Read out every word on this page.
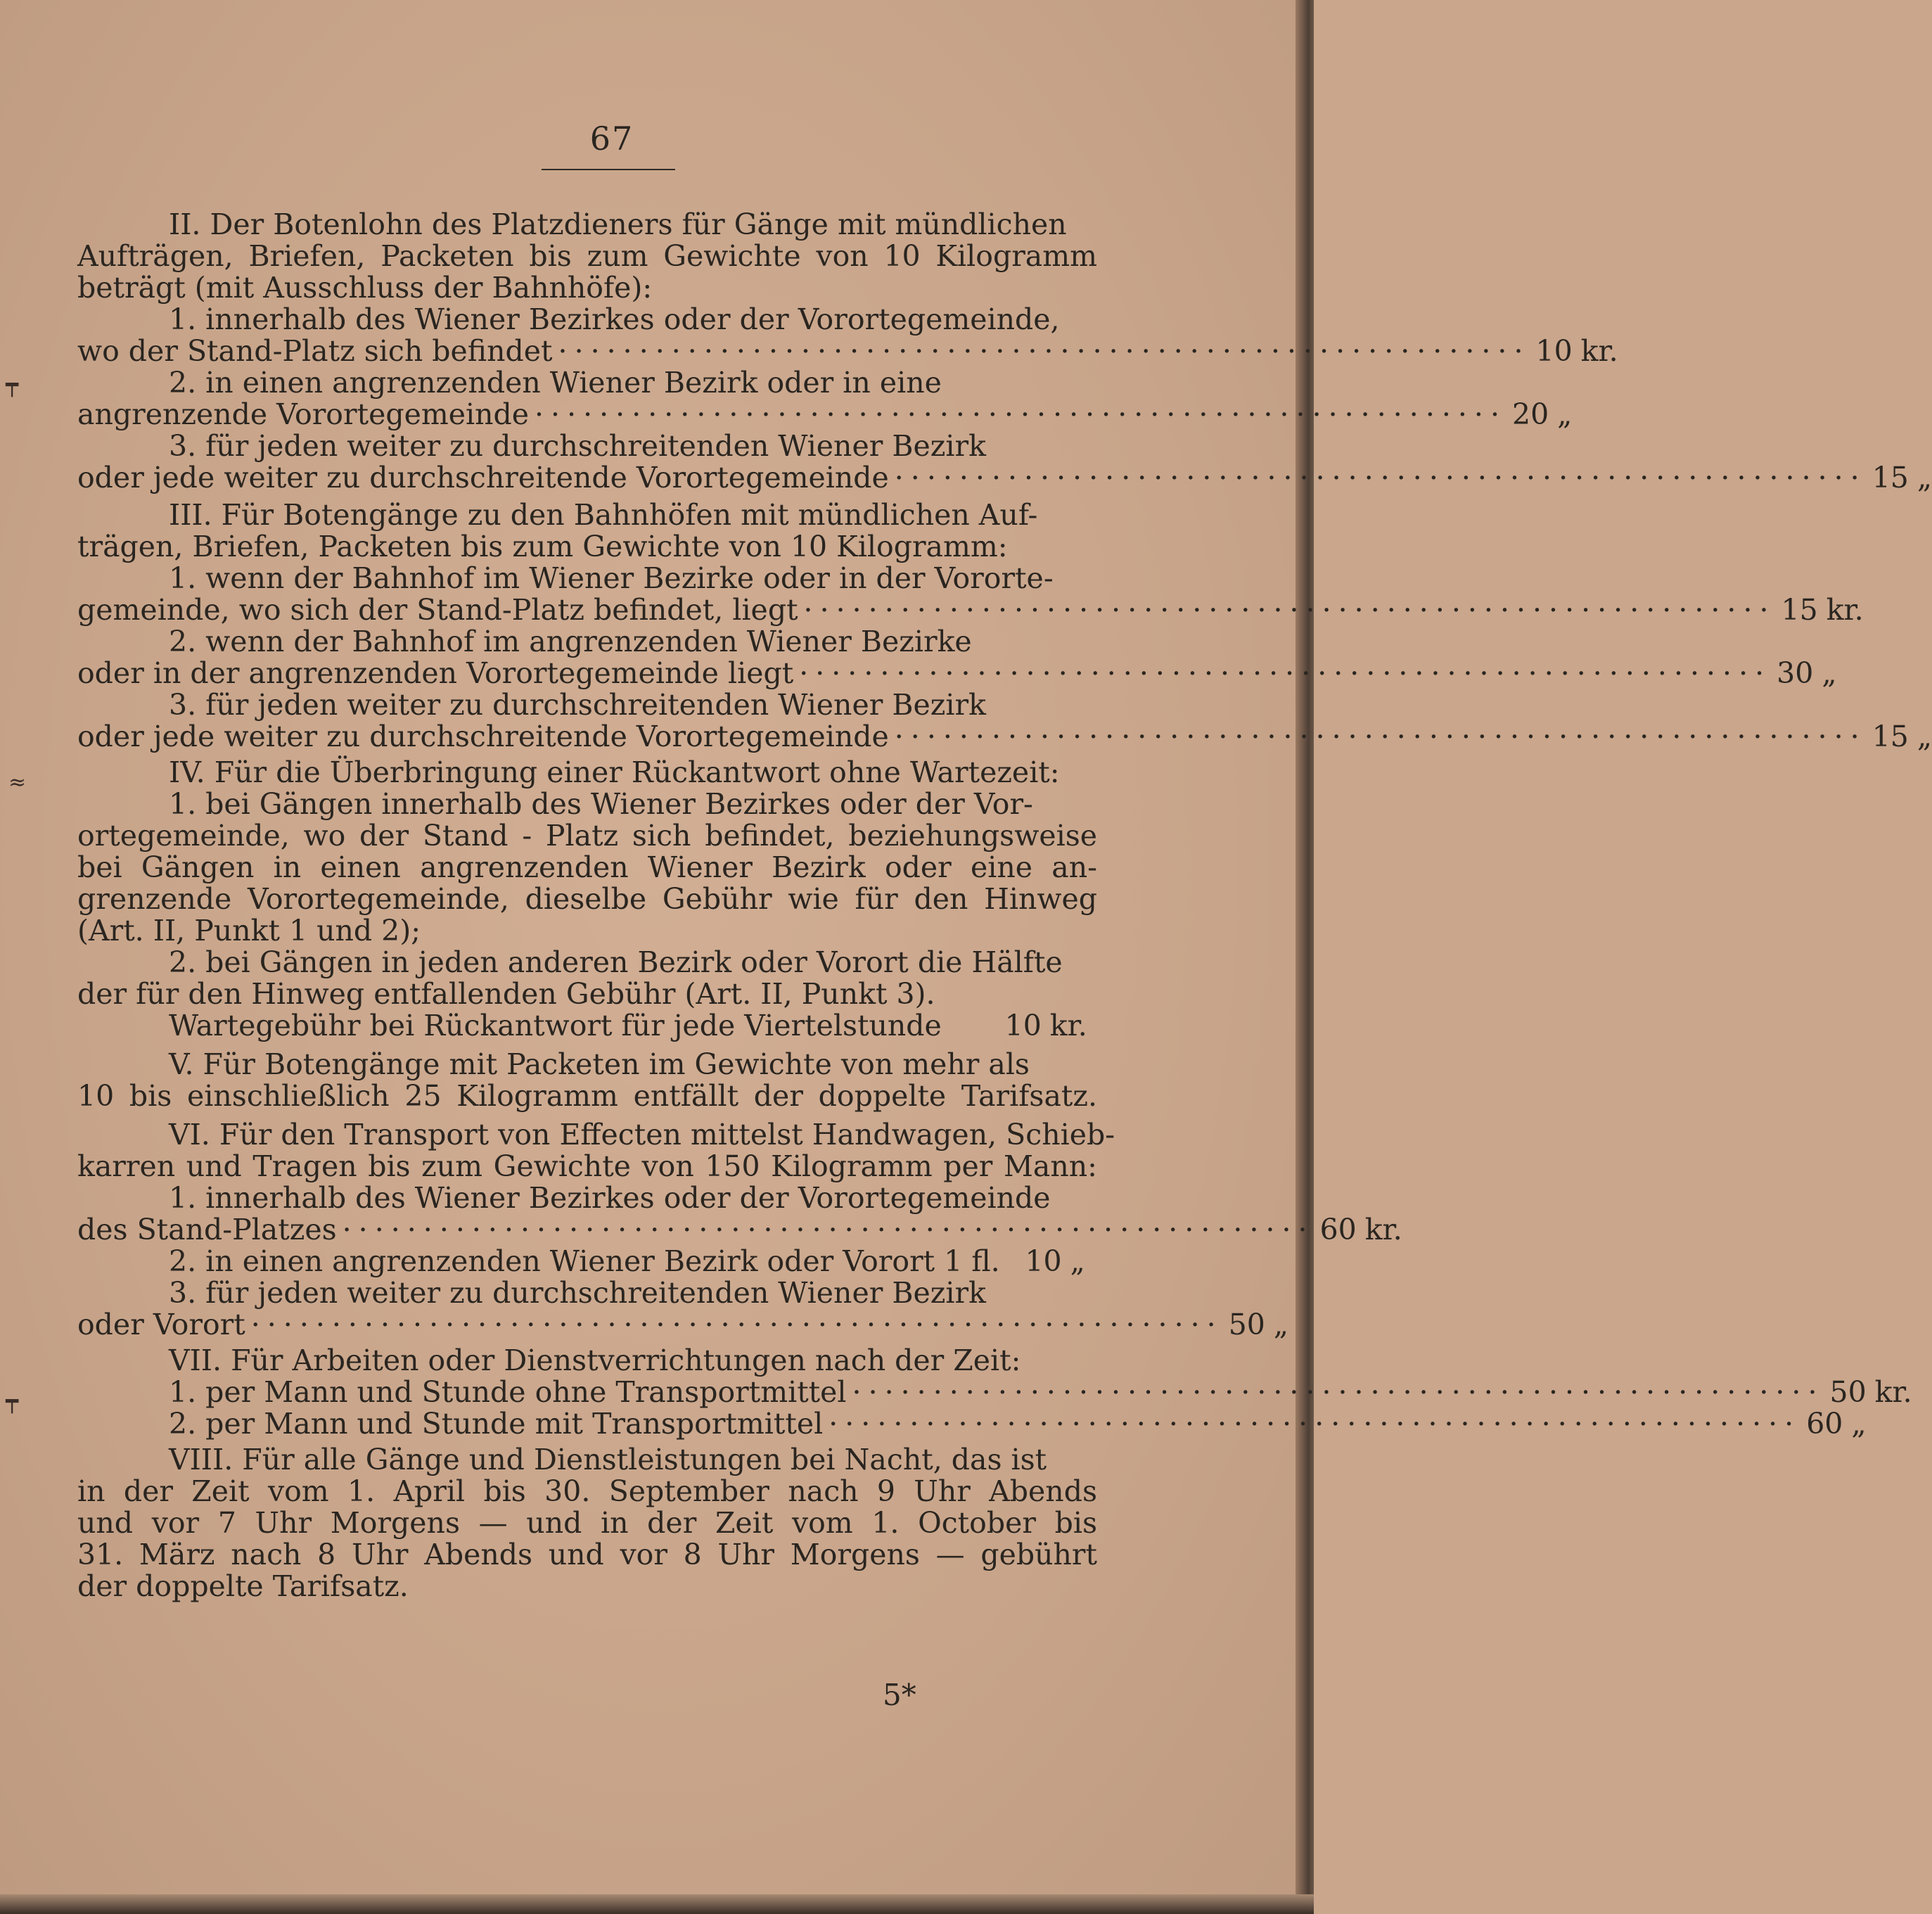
67
┯
≈
┯
II. Der Botenlohn des Platzdieners für Gänge mit mündlichen
Aufträgen, Briefen, Packeten bis zum Gewichte von 10 Kilogramm
beträgt (mit Ausschluss der Bahnhöfe):
1. innerhalb des Wiener Bezirkes oder der Vorortegemeinde,
wo der Stand-Platz sich befindet ···························································· 10 kr.
2. in einen angrenzenden Wiener Bezirk oder in eine
angrenzende Vorortegemeinde ···························································· 20 „
3. für jeden weiter zu durchschreitenden Wiener Bezirk
oder jede weiter zu durchschreitende Vorortegemeinde ···························································· 15 „
III. Für Botengänge zu den Bahnhöfen mit mündlichen Auf-
trägen, Briefen, Packeten bis zum Gewichte von 10 Kilogramm:
1. wenn der Bahnhof im Wiener Bezirke oder in der Vororte-
gemeinde, wo sich der Stand-Platz befindet, liegt ···························································· 15 kr.
2. wenn der Bahnhof im angrenzenden Wiener Bezirke
oder in der angrenzenden Vorortegemeinde liegt ···························································· 30 „
3. für jeden weiter zu durchschreitenden Wiener Bezirk
oder jede weiter zu durchschreitende Vorortegemeinde ···························································· 15 „
IV. Für die Überbringung einer Rückantwort ohne Wartezeit:
1. bei Gängen innerhalb des Wiener Bezirkes oder der Vor-
ortegemeinde, wo der Stand - Platz sich befindet, beziehungsweise
bei Gängen in einen angrenzenden Wiener Bezirk oder eine an-
grenzende Vorortegemeinde, dieselbe Gebühr wie für den Hinweg
(Art. II, Punkt 1 und 2);
2. bei Gängen in jeden anderen Bezirk oder Vorort die Hälfte
der für den Hinweg entfallenden Gebühr (Art. II, Punkt 3).
Wartegebühr bei Rückantwort für jede Viertelstunde	10 kr.
V. Für Botengänge mit Packeten im Gewichte von mehr als
10 bis einschließlich 25 Kilogramm entfällt der doppelte Tarifsatz.
VI. Für den Transport von Effecten mittelst Handwagen, Schieb-
karren und Tragen bis zum Gewichte von 150 Kilogramm per Mann:
1. innerhalb des Wiener Bezirkes oder der Vorortegemeinde
des Stand-Platzes ···························································· 60 kr.
2. in einen angrenzenden Wiener Bezirk oder Vorort 1 fl. 10 „
3. für jeden weiter zu durchschreitenden Wiener Bezirk
oder Vorort ···························································· 50 „
VII. Für Arbeiten oder Dienstverrichtungen nach der Zeit:
1. per Mann und Stunde ohne Transportmittel ···························································· 50 kr.
2. per Mann und Stunde mit Transportmittel ···························································· 60 „
VIII. Für alle Gänge und Dienstleistungen bei Nacht, das ist
in der Zeit vom 1. April bis 30. September nach 9 Uhr Abends
und vor 7 Uhr Morgens — und in der Zeit vom 1. October bis
31. März nach 8 Uhr Abends und vor 8 Uhr Morgens — gebührt
der doppelte Tarifsatz.
5*
